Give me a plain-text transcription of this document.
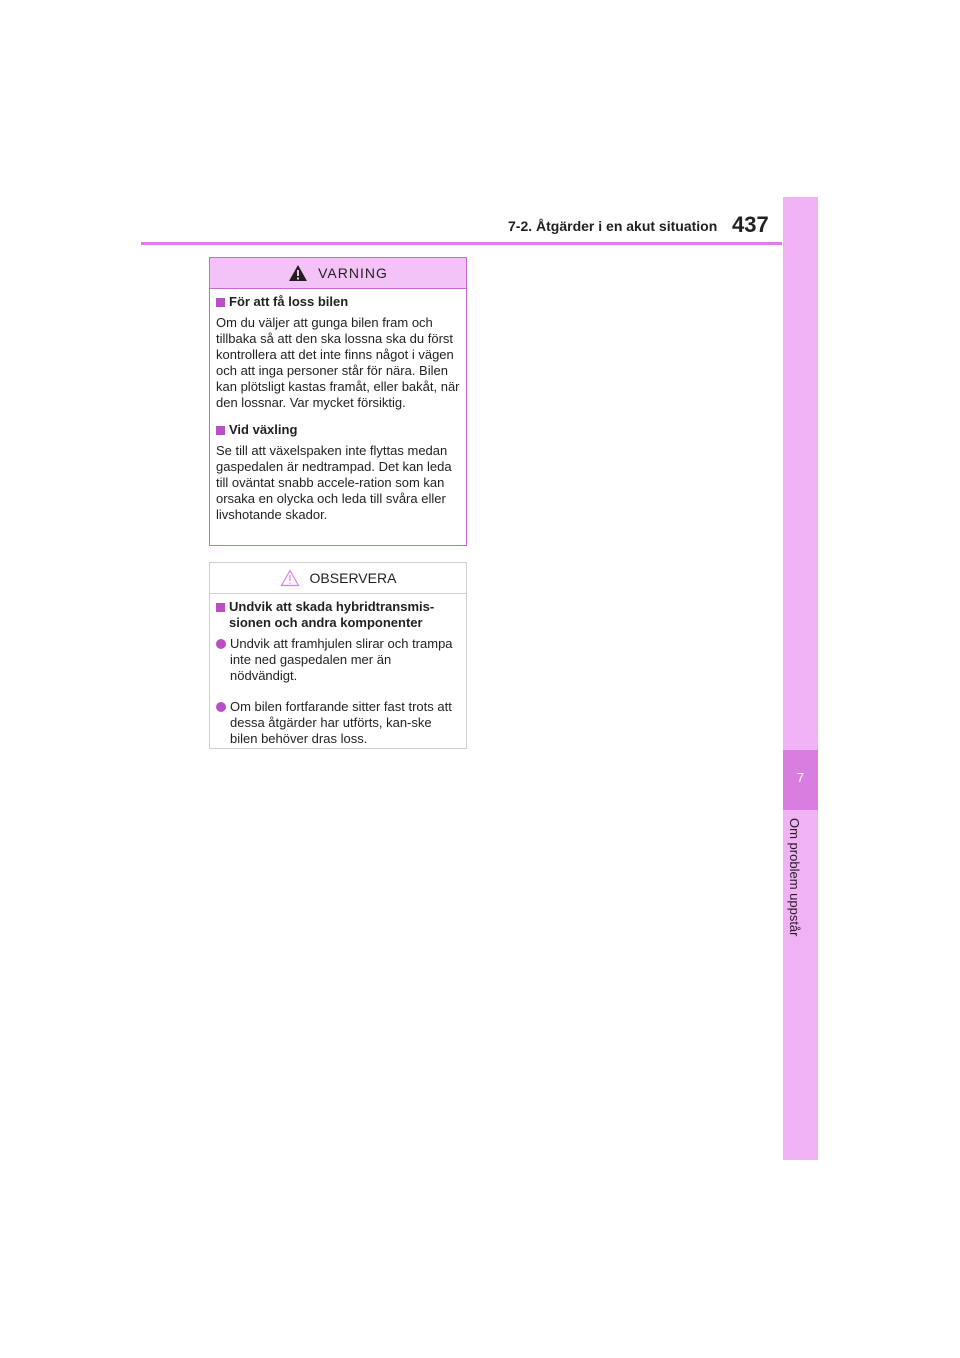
7
Om problem uppstår
7-2. Åtgärder i en akut situation 437
VARNING
För att få loss bilen

Om du väljer att gunga bilen fram och tillbaka så att den ska lossna ska du först kontrollera att det inte finns något i vägen och att inga personer står för nära. Bilen kan plötsligt kastas framåt, eller bakåt, när den lossnar. Var mycket försiktig.

Vid växling

Se till att växelspaken inte flyttas medan gaspedalen är nedtrampad. Det kan leda till oväntat snabb accele-ration som kan orsaka en olycka och leda till svåra eller livshotande skador.

OBSERVERA
Undvik att skada hybridtransmis-sionen och andra komponenter
Undvik att framhjulen slirar och trampa inte ned gaspedalen mer än nödvändigt.
Om bilen fortfarande sitter fast trots att dessa åtgärder har utförts, kan-ske bilen behöver dras loss.
